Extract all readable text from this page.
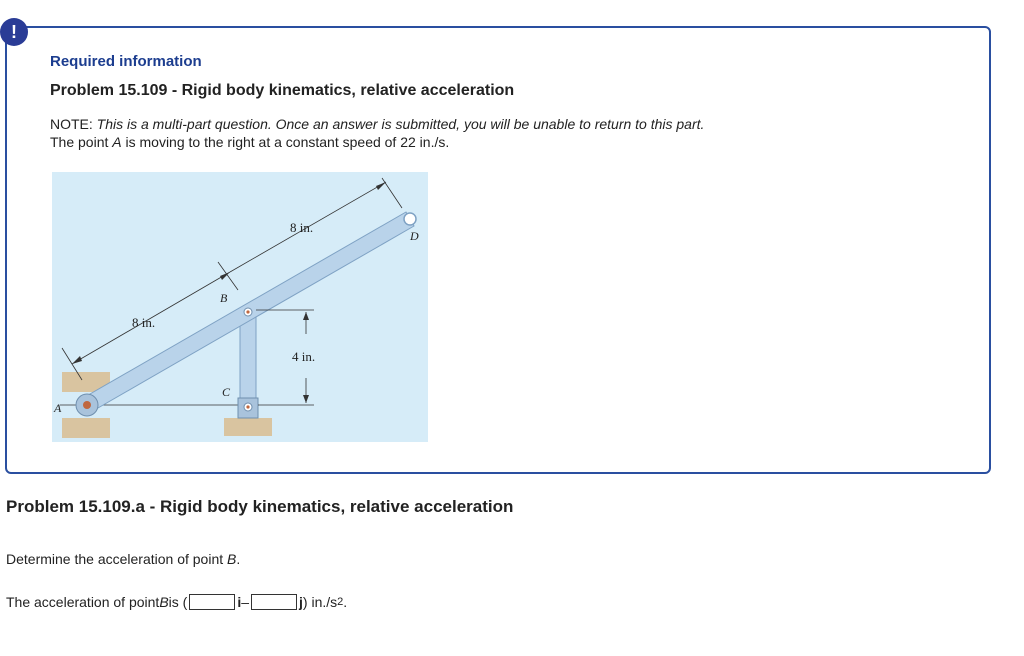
!
Required information
Problem 15.109 - Rigid body kinematics, relative acceleration
NOTE: This is a multi-part question. Once an answer is submitted, you will be unable to return to this part.
The point A is moving to the right at a constant speed of 22 in./s.
A
B
C
D
8 in.
8 in.
4 in.
Problem 15.109.a - Rigid body kinematics, relative acceleration
Determine the acceleration of point B.
The acceleration of point B is (	i –	j ) in./s 2 .
